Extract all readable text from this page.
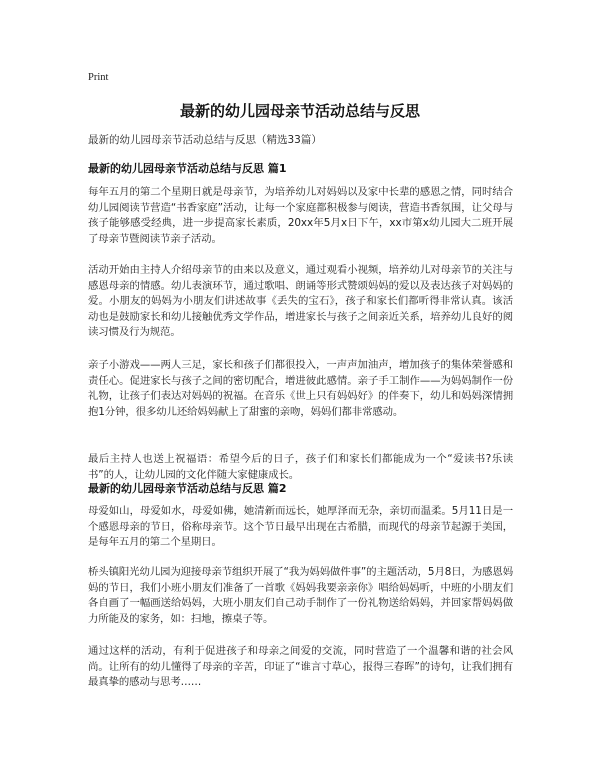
Print
最新的幼儿园母亲节活动总结与反思
最新的幼儿园母亲节活动总结与反思（精选33篇）
最新的幼儿园母亲节活动总结与反思 篇1
每年五月的第二个星期日就是母亲节，为培养幼儿对妈妈以及家中长辈的感恩之情，同时结合幼儿园阅读节营造“书香家庭”活动，让每一个家庭都积极参与阅读，营造书香氛围，让父母与孩子能够感受经典，进一步提高家长素质，20xx年5月x日下午，xx市第x幼儿园大二班开展了母亲节暨阅读节亲子活动。
活动开始由主持人介绍母亲节的由来以及意义，通过观看小视频，培养幼儿对母亲节的关注与感恩母亲的情感。幼儿表演环节，通过歌唱、朗诵等形式赞颂妈妈的爱以及表达孩子对妈妈的爱。小朋友的妈妈为小朋友们讲述故事《丢失的宝石》，孩子和家长们都听得非常认真。该活动也是鼓励家长和幼儿接触优秀文学作品，增进家长与孩子之间亲近关系，培养幼儿良好的阅读习惯及行为规范。
亲子小游戏——两人三足，家长和孩子们都很投入，一声声加油声，增加孩子的集体荣誉感和责任心。促进家长与孩子之间的密切配合，增进彼此感情。亲子手工制作——为妈妈制作一份礼物，让孩子们表达对妈妈的祝福。在音乐《世上只有妈妈好》的伴奏下，幼儿和妈妈深情拥抱1分钟，很多幼儿还给妈妈献上了甜蜜的亲吻，妈妈们都非常感动。
最后主持人也送上祝福语：希望今后的日子，孩子们和家长们都能成为一个“爱读书?乐读书”的人，让幼儿园的文化伴随大家健康成长。
最新的幼儿园母亲节活动总结与反思 篇2
母爱如山，母爱如水，母爱如佛，她清新而远长，她厚泽而无杂，亲切而温柔。5月11日是一个感恩母亲的节日，俗称母亲节。这个节日最早出现在古希腊，而现代的母亲节起源于美国，是每年五月的第二个星期日。
桥头镇阳光幼儿园为迎接母亲节组织开展了“我为妈妈做件事”的主题活动，5月8日，为感恩妈妈的节日，我们小班小朋友们准备了一首歌《妈妈我要亲亲你》唱给妈妈听，中班的小朋友们各自画了一幅画送给妈妈，大班小朋友们自己动手制作了一份礼物送给妈妈，并回家帮妈妈做力所能及的家务，如：扫地，擦桌子等。
通过这样的活动，有利于促进孩子和母亲之间爱的交流，同时营造了一个温馨和谐的社会风尚。让所有的幼儿懂得了母亲的辛苦，印证了“谁言寸草心，报得三春晖”的诗句，让我们拥有最真挚的感动与思考……
